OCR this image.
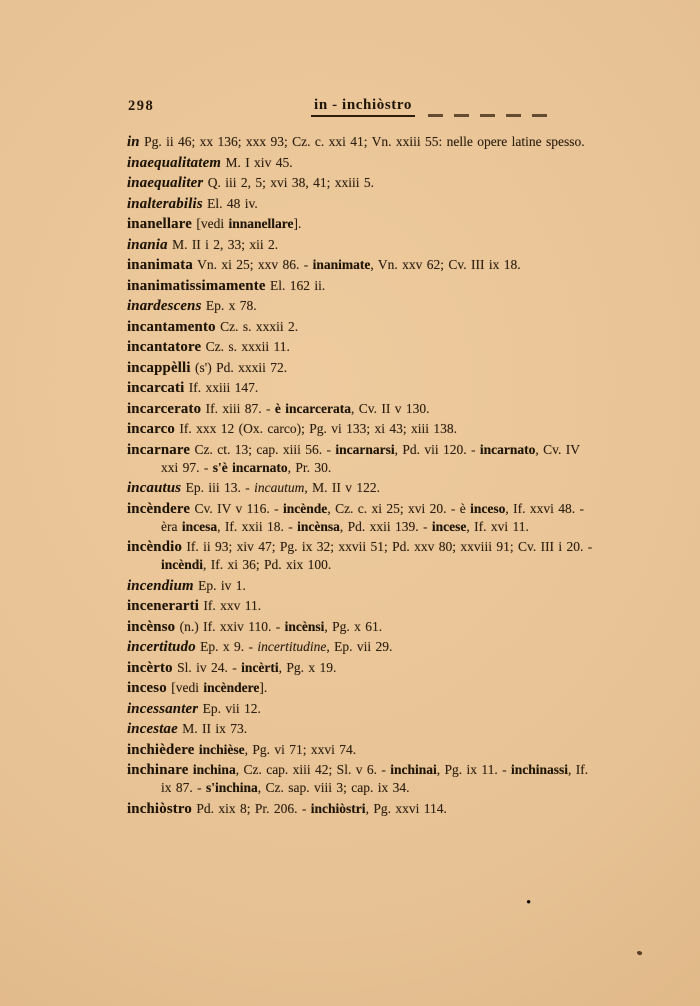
298	in - inchiòstro

in Pg. ii 46; xx 136; xxx 93; Cz. c. xxi 41; Vn. xxiii 55: nelle opere latine spesso.

inaequalitatem M. I xiv 45.

inaequaliter Q. iii 2, 5; xvi 38, 41; xxiii 5.

inalterabilis El. 48 iv.

inanellare [vedi innanellare].

inania M. II i 2, 33; xii 2.

inanimata Vn. xi 25; xxv 86. - inanimate, Vn. xxv 62; Cv. III ix 18.

inanimatissimamente El. 162 ii.

inardescens Ep. x 78.

incantamento Cz. s. xxxii 2.

incantatore Cz. s. xxxii 11.

incappèlli (s') Pd. xxxii 72.

incarcati If. xxiii 147.

incarcerato If. xiii 87. - è incarcerata, Cv. II v 130.

incarco If. xxx 12 (Ox. carco); Pg. vi 133; xi 43; xiii 138.

incarnare Cz. ct. 13; cap. xiii 56. - incarnarsi, Pd. vii 120. - incarnato, Cv. IV xxi 97. - s'è incarnato, Pr. 30.

incautus Ep. iii 13. - incautum, M. II v 122.

incèndere Cv. IV v 116. - incènde, Cz. c. xi 25; xvi 20. - è inceso, If. xxvi 48. - èra incesa, If. xxii 18. - incènsa, Pd. xxii 139. - incese, If. xvi 11.

incèndio If. ii 93; xiv 47; Pg. ix 32; xxvii 51; Pd. xxv 80; xxviii 91; Cv. III i 20. - incèndi, If. xi 36; Pd. xix 100.

incendium Ep. iv 1.

incenerarti If. xxv 11.

incènso (n.) If. xxiv 110. - incènsi, Pg. x 61.

incertitudo Ep. x 9. - incertitudine, Ep. vii 29.

incèrto Sl. iv 24. - incèrti, Pg. x 19.

inceso [vedi incèndere].

incessanter Ep. vii 12.

incestae M. II ix 73.

inchièdere inchièse, Pg. vi 71; xxvi 74.

inchinare inchina, Cz. cap. xiii 42; Sl. v 6. - inchinai, Pg. ix 11. - inchinassi, If. ix 87. - s'inchina, Cz. sap. viii 3; cap. ix 34.

inchiòstro Pd. xix 8; Pr. 206. - inchiòstri, Pg. xxvi 114.

•
